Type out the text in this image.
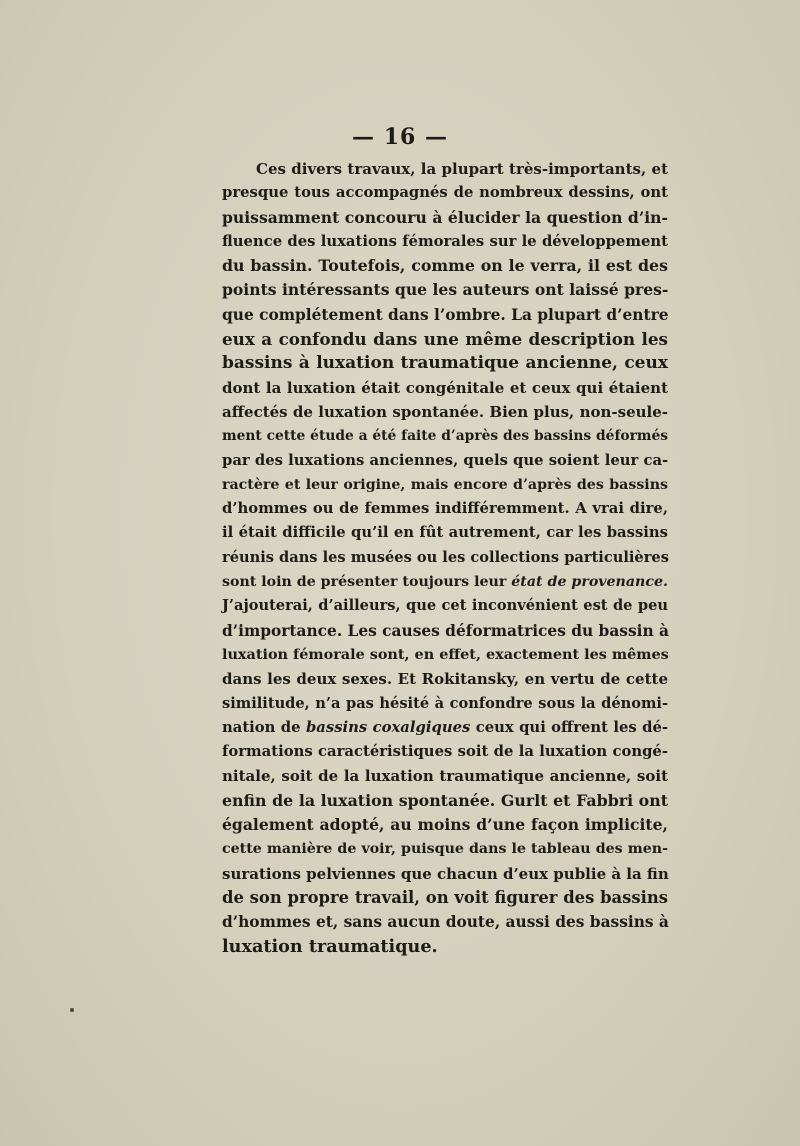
— 16 —
Ces divers travaux, la plupart très-importants, et
presque tous accompagnés de nombreux dessins, ont
puissamment concouru à élucider la question d’in-
fluence des luxations fémorales sur le développement
du bassin. Toutefois, comme on le verra, il est des
points intéressants que les auteurs ont laissé pres-
que complétement dans l’ombre. La plupart d’entre
eux a confondu dans une même description les
bassins à luxation traumatique ancienne, ceux
dont la luxation était congénitale et ceux qui étaient
affectés de luxation spontanée. Bien plus, non-seule-
ment cette étude a été faite d’après des bassins déformés
par des luxations anciennes, quels que soient leur ca-
ractère et leur origine, mais encore d’après des bassins
d’hommes ou de femmes indifféremment. A vrai dire,
il était difficile qu’il en fût autrement, car les bassins
réunis dans les musées ou les collections particulières
sont loin de présenter toujours leur état de provenance.
J’ajouterai, d’ailleurs, que cet inconvénient est de peu
d’importance. Les causes déformatrices du bassin à
luxation fémorale sont, en effet, exactement les mêmes
dans les deux sexes. Et Rokitansky, en vertu de cette
similitude, n’a pas hésité à confondre sous la dénomi-
nation de bassins coxalgiques ceux qui offrent les dé-
formations caractéristiques soit de la luxation congé-
nitale, soit de la luxation traumatique ancienne, soit
enfin de la luxation spontanée. Gurlt et Fabbri ont
également adopté, au moins d’une façon implicite,
cette manière de voir, puisque dans le tableau des men-
surations pelviennes que chacun d’eux publie à la fin
de son propre travail, on voit figurer des bassins
d’hommes et, sans aucun doute, aussi des bassins à
luxation traumatique.
